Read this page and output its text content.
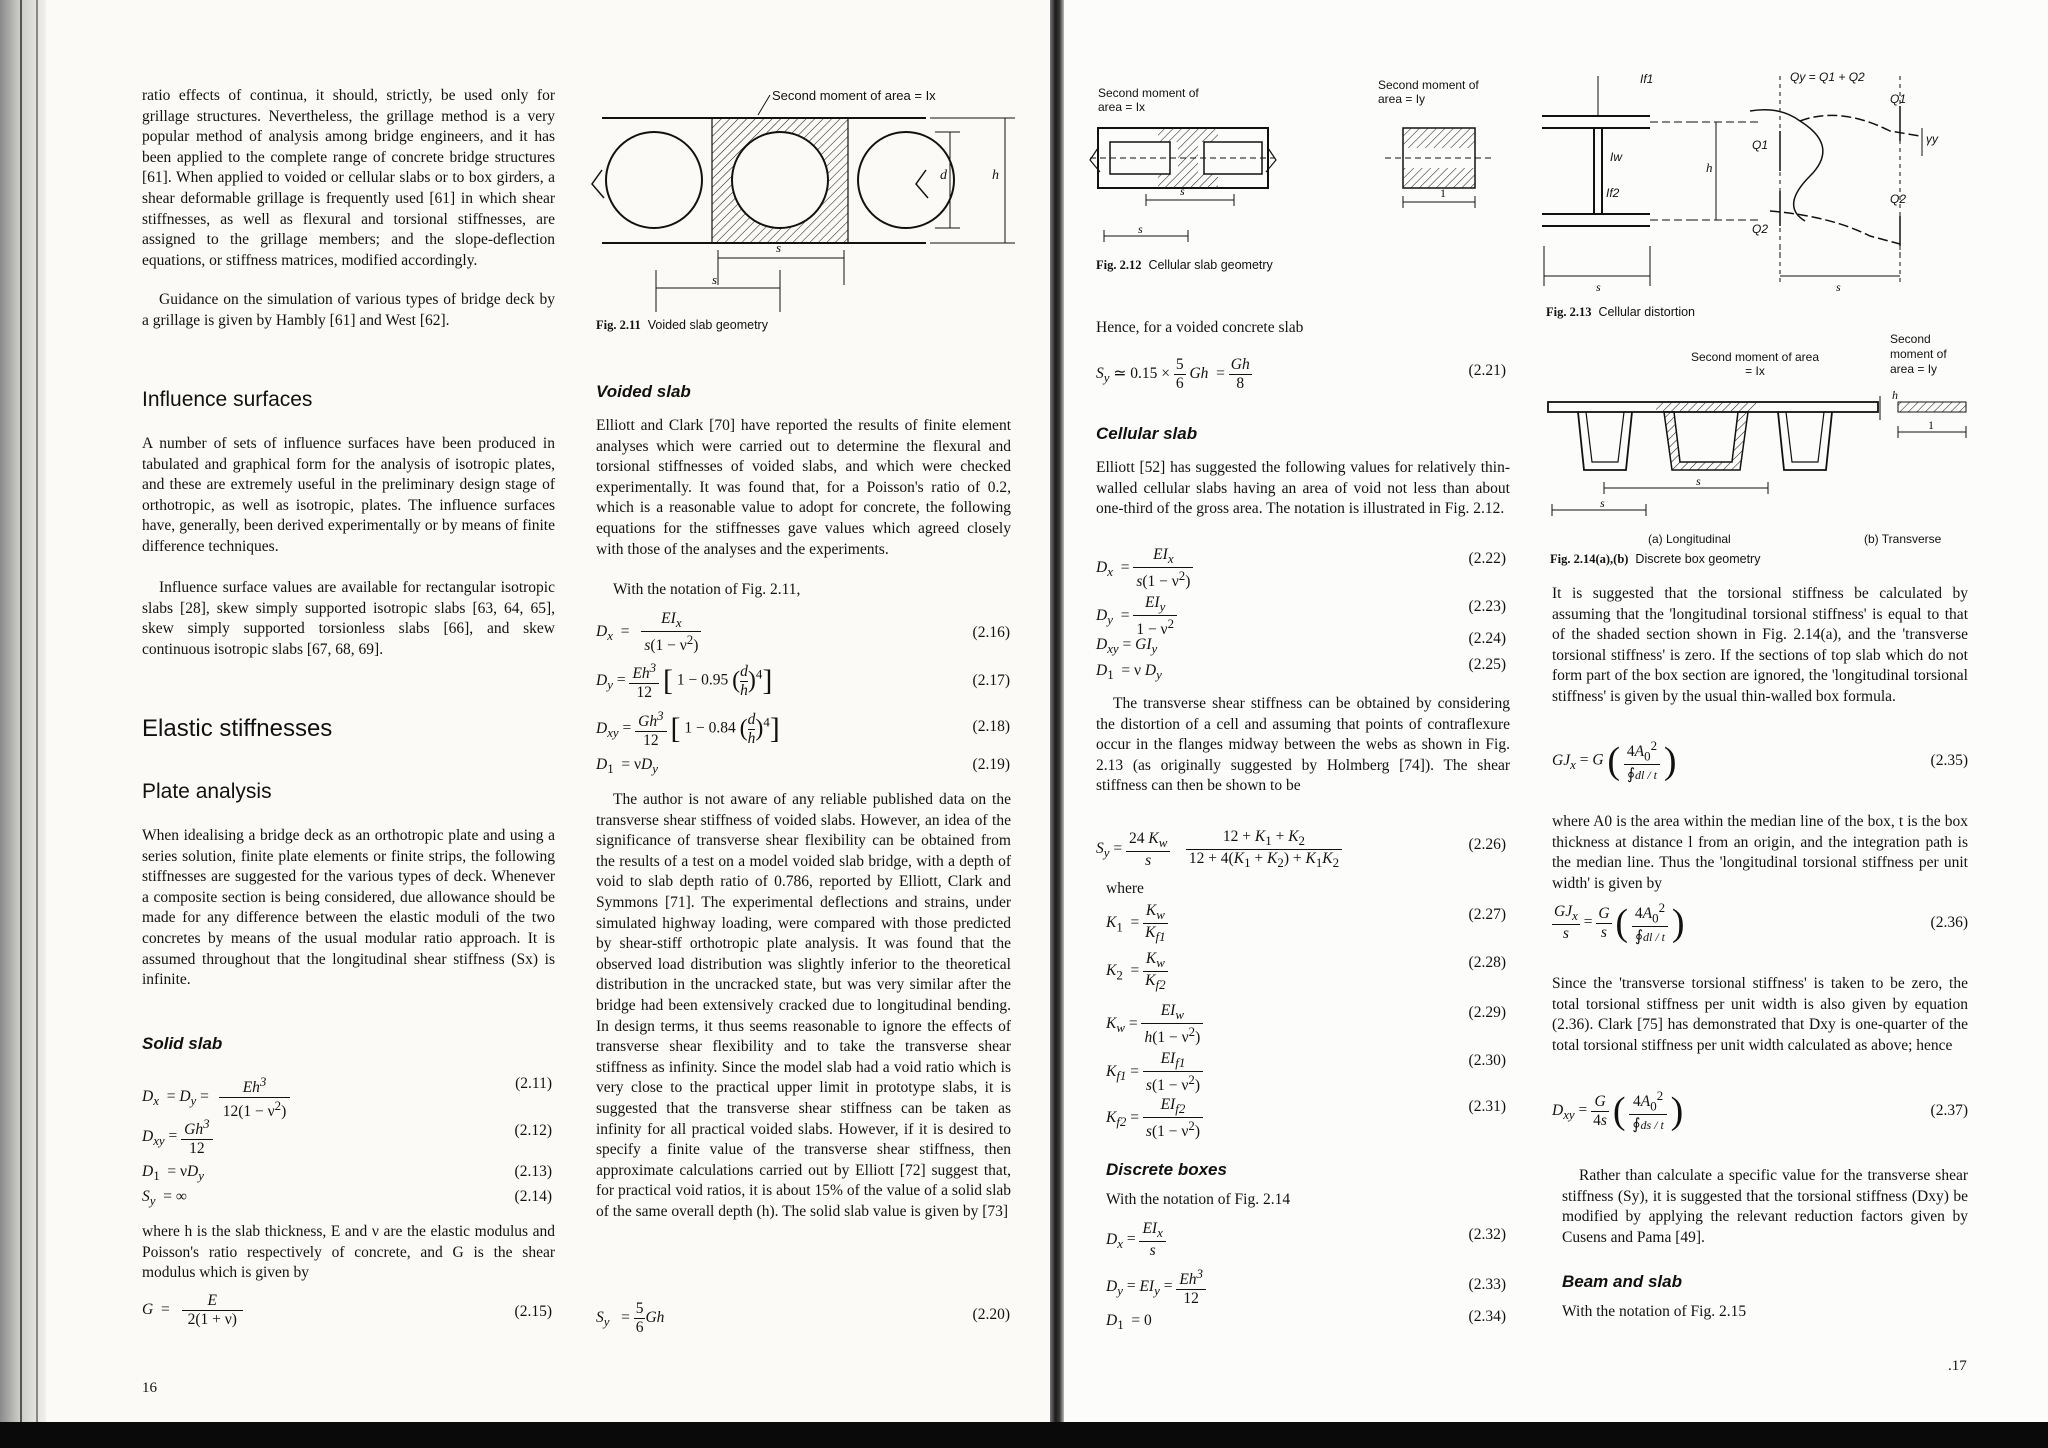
ratio effects of continua, it should, strictly, be used only for grillage structures. Nevertheless, the grillage method is a very popular method of analysis among bridge engineers, and it has been applied to the complete range of concrete bridge structures [61]. When applied to voided or cellular slabs or to box girders, a shear deformable grillage is frequently used [61] in which shear stiffnesses, as well as flexural and torsional stiffnesses, are assigned to the grillage members; and the slope-deflection equations, or stiffness matrices, modified accordingly.

Guidance on the simulation of various types of bridge deck by a grillage is given by Hambly [61] and West [62].

Influence surfaces

A number of sets of influence surfaces have been produced in tabulated and graphical form for the analysis of isotropic plates, and these are extremely useful in the preliminary design stage of orthotropic, as well as isotropic, plates. The influence surfaces have, generally, been derived experimentally or by means of finite difference techniques.

Influence surface values are available for rectangular isotropic slabs [28], skew simply supported isotropic slabs [63, 64, 65], skew simply supported torsionless slabs [66], and skew continuous isotropic slabs [67, 68, 69].

Elastic stiffnesses
Plate analysis

When idealising a bridge deck as an orthotropic plate and using a series solution, finite plate elements or finite strips, the following stiffnesses are suggested for the various types of deck. Whenever a composite section is being considered, due allowance should be made for any difference between the elastic moduli of the two concretes by means of the usual modular ratio approach. It is assumed throughout that the longitudinal shear stiffness (Sx) is infinite.

Solid slab
$D_x = D_y = \frac{Eh^3}{12(1 - \nu^2)}$	(2.11)
$D_{xy} = \frac{Gh^3}{12}$	(2.12)
$D_1 = \nu D_y$	(2.13)
$S_y$  = ∞	(2.14)

where h is the slab thickness, E and ν are the elastic modulus and Poisson's ratio respectively of concrete, and G is the shear modulus which is given by

$G = \frac{E}{2(1 + \nu)}$	(2.15)
16
Second moment of area = Ix
d	h
s
s
Fig. 2.11 Voided slab geometry
Voided slab

Elliott and Clark [70] have reported the results of finite element analyses which were carried out to determine the flexural and torsional stiffnesses of voided slabs, and which were checked experimentally. It was found that, for a Poisson's ratio of 0.2, which is a reasonable value to adopt for concrete, the following equations for the stiffnesses gave values which agreed closely with those of the analyses and the experiments.

With the notation of Fig. 2.11,

$D_x$  =
$EI_x$
$s(1 - \nu^2)$
(2.16)
$D_y = \frac{Eh^3}{12}$ [ 1 − 0.95 ( $\frac{d}{h} )^4$]	(2.17)
$D_{xy} = \frac{Gh^3}{12}$ [ 1 − 0.84 ( $\frac{d}{h} )^4$]	(2.18)
$D_1 = \nu D_y$	(2.19)

The author is not aware of any reliable published data on the transverse shear stiffness of voided slabs. However, an idea of the significance of transverse shear flexibility can be obtained from the results of a test on a model voided slab bridge, with a depth of void to slab depth ratio of 0.786, reported by Elliott, Clark and Symmons [71]. The experimental deflections and strains, under simulated highway loading, were compared with those predicted by shear-stiff orthotropic plate analysis. It was found that the observed load distribution was slightly inferior to the theoretical distribution in the uncracked state, but was very similar after the bridge had been extensively cracked due to longitudinal bending. In design terms, it thus seems reasonable to ignore the effects of transverse shear flexibility and to take the transverse shear stiffness as infinity. Since the model slab had a void ratio which is very close to the practical upper limit in prototype slabs, it is suggested that the transverse shear stiffness can be taken as infinity for all practical voided slabs. However, if it is desired to specify a finite value of the transverse shear stiffness, then approximate calculations carried out by Elliott [72] suggest that, for practical void ratios, it is about 15% of the value of a solid slab of the same overall depth (h). The solid slab value is given by [73]

$S_y = \frac{5}{6}$ Gh	(2.20)
Second moment of area = Ix
Second moment of area = Iy
s
s
1
Fig. 2.12 Cellular slab geometry

Hence, for a voided concrete slab

$S_y$ ≃ $0.15 \times \frac{5}{6}$ $Gh = \frac{Gh}{8}$	(2.21)
Cellular slab

Elliott [52] has suggested the following values for relatively thin-walled cellular slabs having an area of void not less than about one-third of the gross area. The notation is illustrated in Fig. 2.12.

$D_x$  =
$EI_x$
$s(1 - \nu^2)$
(2.22)
$D_y$  =
$EI_y$
$1 - \nu^2$
(2.23)
$D_{xy} = GI_y$
(2.24)
$D_1 = \nu$ $D_y$
(2.25)

The transverse shear stiffness can be obtained by considering the distortion of a cell and assuming that points of contraflexure occur in the flanges midway between the webs as shown in Fig. 2.13 (as originally suggested by Holmberg [74]). The shear stiffness can then be shown to be

$S_y = \frac{24 K_w}{s}$
$\frac{12 + K_1 + K_2}{12 + 4(K_1 + K_2) + K_1K_2}$	(2.26)
where
$K_1 = \frac{K_w}{K_{f1}}$	(2.27)
$K_2 = \frac{K_w}{K_{f2}}$	(2.28)
$K_w$ =
$EI_w$
$h(1 - \nu^2)$
(2.29)
$K_{f1}$ =
$EI_{f1}$
$s(1 - \nu^2)$
(2.30)
$K_{f2}$ =
$EI_{f2}$
$s(1 - \nu^2)$
(2.31)
Discrete boxes

With the notation of Fig. 2.14

$D_x$ =
$EI_x$
s
(2.32)
$D_y = EI_y = \frac{Eh^3}{12}$	(2.33)
$D_1 = 0$	(2.34)
If1
Iw
If2
h
Qy = Q1 + Q2
Q1
Q1
Q2
Q2
γy
s	s
Fig. 2.13 Cellular distortion
Second moment of area = Ix
Second moment of area = Iy
h
1
s
s
(a) Longitudinal	(b) Transverse
Fig. 2.14(a),(b) Discrete box geometry

It is suggested that the torsional stiffness be calculated by assuming that the 'longitudinal torsional stiffness' is equal to that of the shaded section shown in Fig. 2.14(a), and the 'transverse torsional stiffness' is zero. If the sections of top slab which do not form part of the box section are ignored, the 'longitudinal torsional stiffness' is given by the usual thin-walled box formula.

$GJ_x = G$ ( $\frac{4A_0^2}{∮dl / t}$ )	(2.35)

where A0 is the area within the median line of the box, t is the box thickness at distance l from an origin, and the integration path is the median line. Thus the 'longitudinal torsional stiffness per unit width' is given by

$GJ_x$
s
= $\frac{G}{s}$ ( $\frac{4A_0^2}{∮dl / t}$ )	(2.36)

Since the 'transverse torsional stiffness' is taken to be zero, the total torsional stiffness per unit width is also given by equation (2.36). Clark [75] has demonstrated that Dxy is one-quarter of the total torsional stiffness per unit width calculated as above; hence

$D_{xy} = \frac{G}{4s}$ ( $\frac{4A_0^2}{∮ds / t}$ )	(2.37)

Rather than calculate a specific value for the transverse shear stiffness (Sy), it is suggested that the torsional stiffness (Dxy) be modified by applying the relevant reduction factors given by Cusens and Pama [49].

Beam and slab

With the notation of Fig. 2.15

.17
